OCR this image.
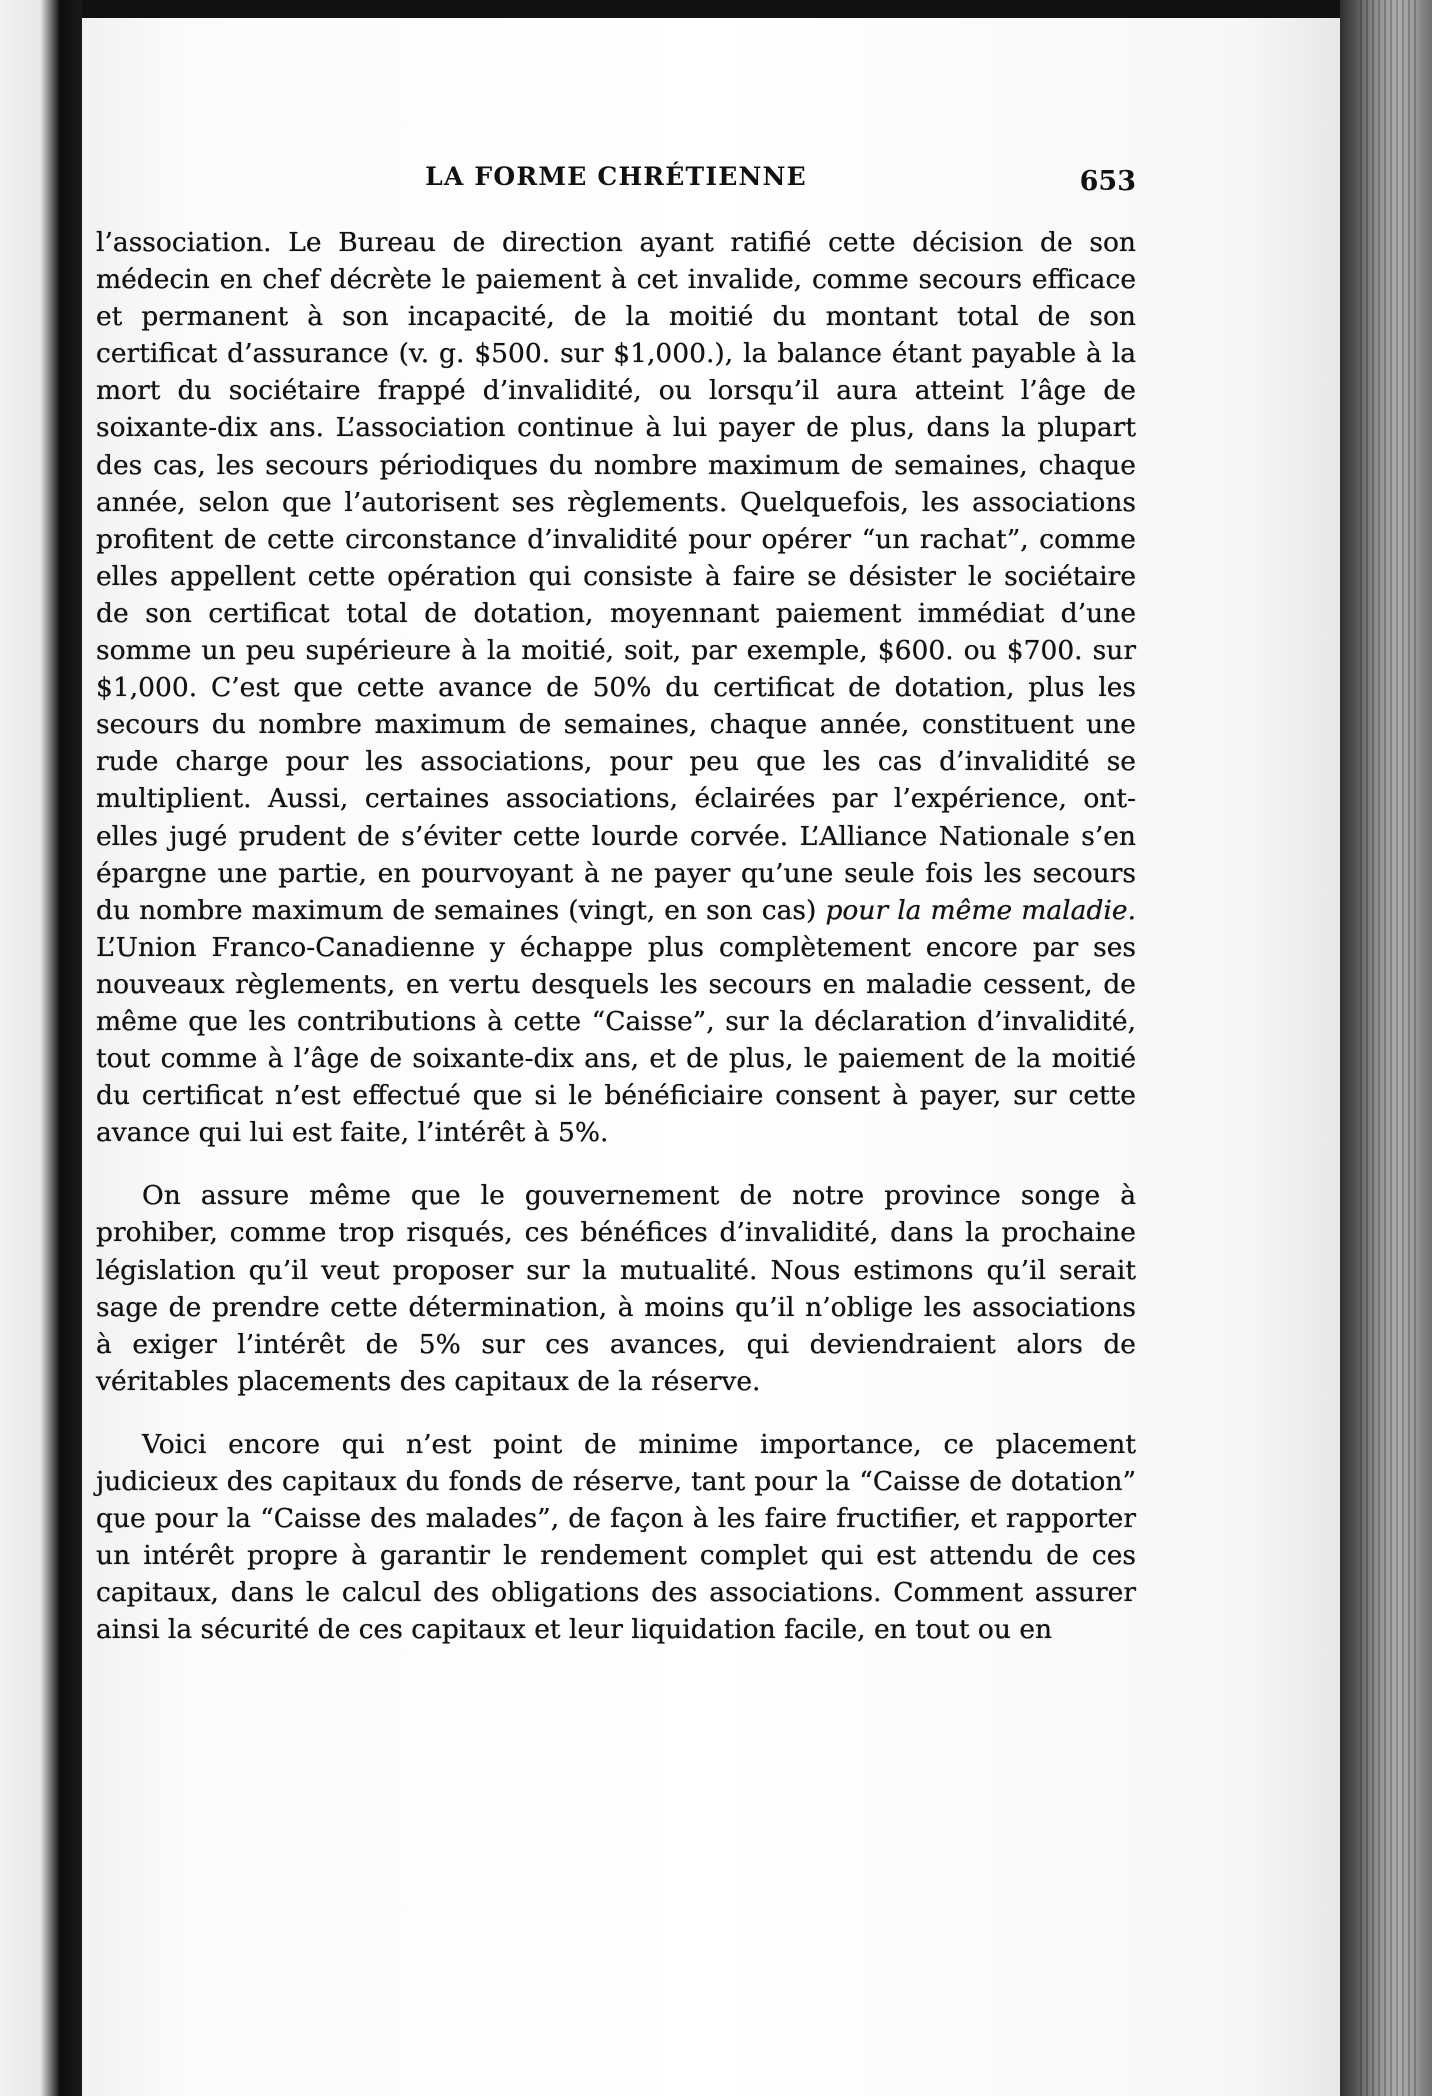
LA FORME CHRÉTIENNE	653

l’association. Le Bureau de direction ayant ratifié cette décision de son médecin en chef décrète le paiement à cet invalide, comme secours efficace et permanent à son incapacité, de la moitié du montant total de son certificat d’assurance (v. g. $500. sur $1,000.), la balance étant payable à la mort du sociétaire frappé d’invalidité, ou lorsqu’il aura atteint l’âge de soixante-dix ans. L’association continue à lui payer de plus, dans la plupart des cas, les secours périodiques du nombre maximum de semaines, chaque année, selon que l’autorisent ses règlements. Quelquefois, les associations profitent de cette circonstance d’invalidité pour opérer “un rachat”, comme elles appellent cette opération qui consiste à faire se désister le sociétaire de son certificat total de dotation, moyennant paiement immédiat d’une somme un peu supérieure à la moitié, soit, par exemple, $600. ou $700. sur $1,000. C’est que cette avance de 50% du certificat de dotation, plus les secours du nombre maximum de semaines, chaque année, constituent une rude charge pour les associations, pour peu que les cas d’invalidité se multiplient. Aussi, certaines associations, éclairées par l’expérience, ont-elles jugé prudent de s’éviter cette lourde corvée. L’Alliance Nationale s’en épargne une partie, en pourvoyant à ne payer qu’une seule fois les secours du nombre maximum de semaines (vingt, en son cas) pour la même maladie. L’Union Franco-Canadienne y échappe plus complètement encore par ses nouveaux règlements, en vertu desquels les secours en maladie cessent, de même que les contributions à cette “Caisse”, sur la déclaration d’invalidité, tout comme à l’âge de soixante-dix ans, et de plus, le paiement de la moitié du certificat n’est effectué que si le bénéficiaire consent à payer, sur cette avance qui lui est faite, l’intérêt à 5%.

On assure même que le gouvernement de notre province songe à prohiber, comme trop risqués, ces bénéfices d’invalidité, dans la prochaine législation qu’il veut proposer sur la mutualité. Nous estimons qu’il serait sage de prendre cette détermination, à moins qu’il n’oblige les associations à exiger l’intérêt de 5% sur ces avances, qui deviendraient alors de véritables placements des capitaux de la réserve.

Voici encore qui n’est point de minime importance, ce placement judicieux des capitaux du fonds de réserve, tant pour la “Caisse de dotation” que pour la “Caisse des malades”, de façon à les faire fructifier, et rapporter un intérêt propre à garantir le rendement complet qui est attendu de ces capitaux, dans le calcul des obligations des associations. Comment assurer ainsi la sécurité de ces capitaux et leur liquidation facile, en tout ou en
